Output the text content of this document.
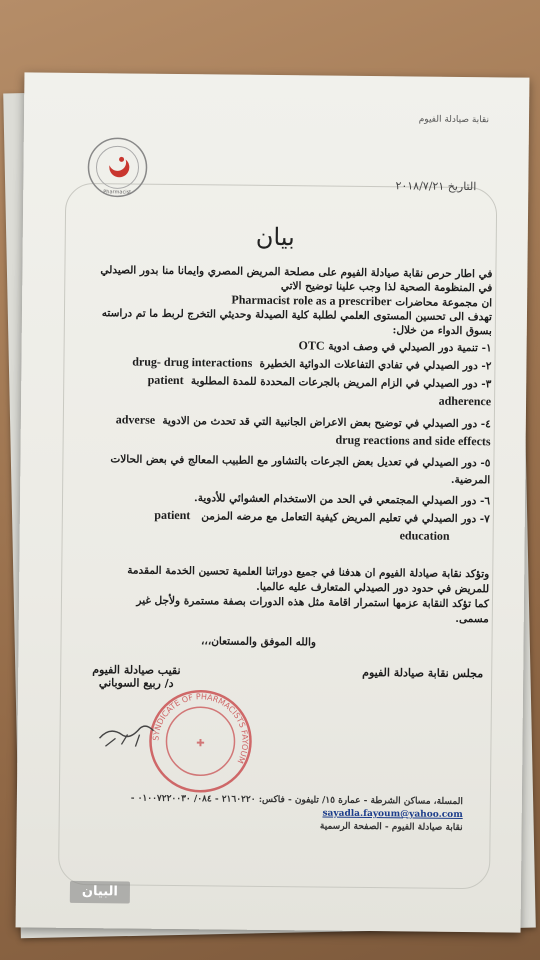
نقابة صيادلة الفيوم
Pharmacist	التاريخ ٢٠١٨/٧/٢١
بيان
في اطار حرص نقابة صيادلة الفيوم على مصلحة المريض المصري وايمانا منا بدور الصيدلي
في المنظومة الصحية لذا وجب علينا توضيح الاتي
ان مجموعة محاضرات Pharmacist role as a prescriber
تهدف الى تحسين المستوى العلمي لطلبة كلية الصيدلة وحديثي التخرج لربط ما تم دراسته
بسوق الدواء من خلال:
١- تنمية دور الصيدلي في وصف ادوية OTC
٢- دور الصيدلي في تفادي التفاعلات الدوائية الخطيرة  drug- drug interactions
٣- دور الصيدلي في الزام المريض بالجرعات المحددة للمدة المطلوبة  patient
adherence
٤- دور الصيدلي في توضيح بعض الاعراض الجانبية التي قد تحدث من الادوية  adverse
drug reactions and side effects
٥- دور الصيدلي في تعديل بعض الجرعات بالتشاور مع الطبيب المعالج في بعض الحالات
المرضية.
٦- دور الصيدلي المجتمعي في الحد من الاستخدام العشوائي للأدوية.
٧- دور الصيدلي في تعليم المريض كيفية التعامل مع مرضه المزمن   patient
education
وتؤكد نقابة صيادلة الفيوم ان هدفنا في جميع دوراتنا العلمية تحسين الخدمة المقدمة
للمريض في حدود دور الصيدلي المتعارف عليه عالميا.
كما تؤكد النقابة عزمها استمرار اقامة مثل هذه الدورات بصفة مستمرة ولأجل غير
مسمى.
والله الموفق والمستعان،،،
مجلس نقابة صيادلة الفيوم
نقيب صيادلة الفيوم
د/ ربيع السوباني
SYNDICATE OF PHARMACISTS FAYOUM
✚
المسلة، مساكن الشرطة - عمارة ١٥/ تليفون - فاكس: ٢١٦٠٢٢٠ - ٠٨٤/ ٠١٠٠٧٢٢٠٠٣٠ -
sayadla.fayoum@yahoo.com
نقابة صيادلة الفيوم - الصفحة الرسمية
البيان
